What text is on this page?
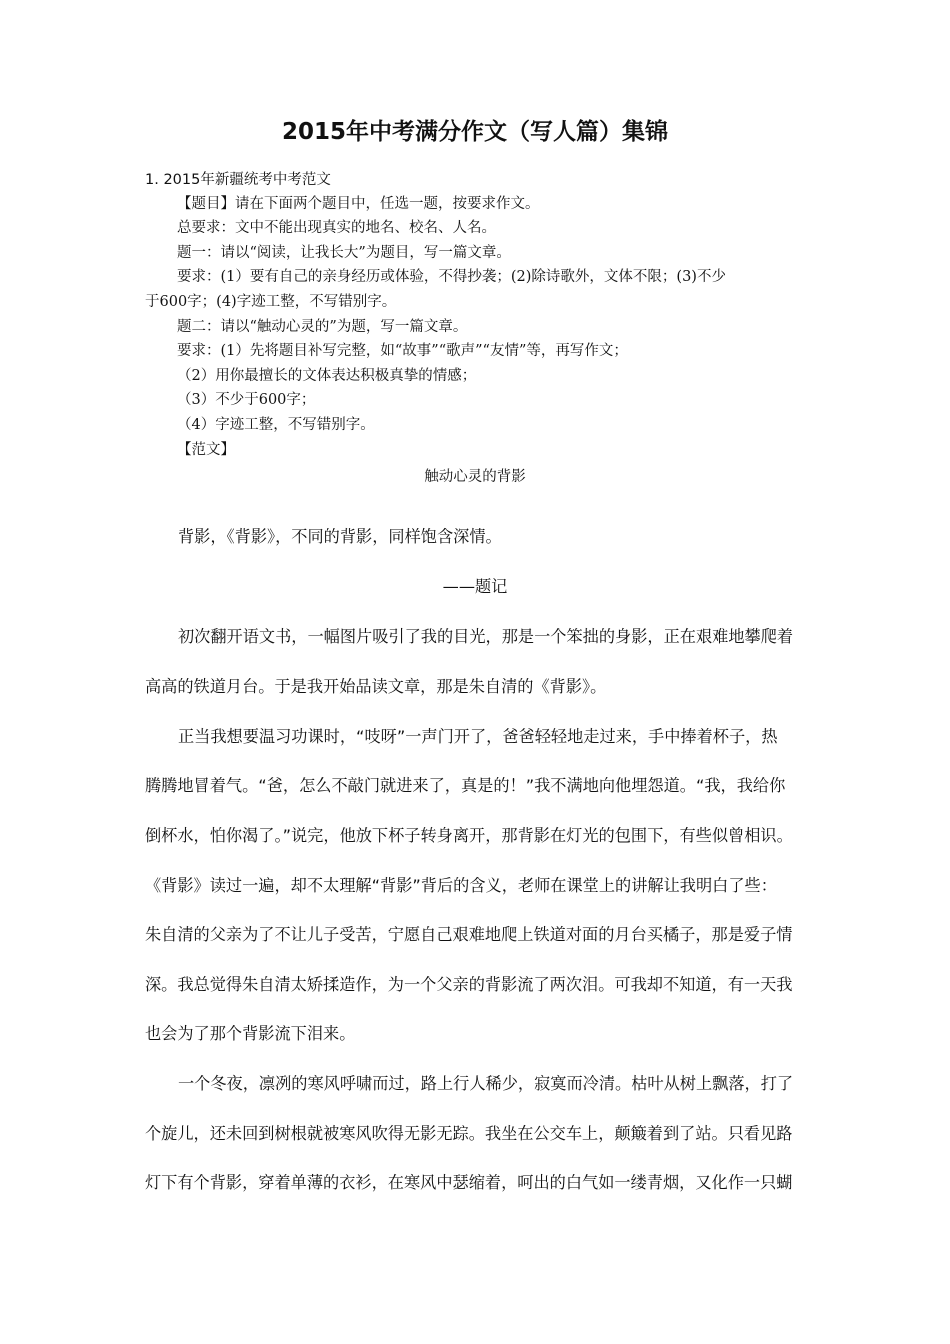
2015年中考满分作文（写人篇）集锦
1. 2015年新疆统考中考范文
【题目】请在下面两个题目中，任选一题，按要求作文。
总要求：文中不能出现真实的地名、校名、人名。
题一：请以“阅读，让我长大”为题目，写一篇文章。
要求：(1）要有自己的亲身经历或体验，不得抄袭；(2)除诗歌外，文体不限；(3)不少
于600字；(4)字迹工整，不写错别字。
题二：请以“触动心灵的”为题，写一篇文章。
要求：(1）先将题目补写完整，如“故事”“歌声”“友情”等，再写作文；
（2）用你最擅长的文体表达积极真挚的情感；
（3）不少于600字；
（4）字迹工整，不写错别字。
【范文】
触动心灵的背影
背影，《背影》，不同的背影，同样饱含深情。
——题记
初次翻开语文书，一幅图片吸引了我的目光，那是一个笨拙的身影，正在艰难地攀爬着
高高的铁道月台。于是我开始品读文章，那是朱自清的《背影》。
正当我想要温习功课时，“吱呀”一声门开了，爸爸轻轻地走过来，手中捧着杯子，热
腾腾地冒着气。“爸，怎么不敲门就进来了，真是的！”我不满地向他埋怨道。“我，我给你
倒杯水，怕你渴了。”说完，他放下杯子转身离开，那背影在灯光的包围下，有些似曾相识。
《背影》读过一遍，却不太理解“背影”背后的含义，老师在课堂上的讲解让我明白了些：
朱自清的父亲为了不让儿子受苦，宁愿自己艰难地爬上铁道对面的月台买橘子，那是爱子情
深。我总觉得朱自清太矫揉造作，为一个父亲的背影流了两次泪。可我却不知道，有一天我
也会为了那个背影流下泪来。
一个冬夜，凛冽的寒风呼啸而过，路上行人稀少，寂寞而冷清。枯叶从树上飘落，打了
个旋儿，还未回到树根就被寒风吹得无影无踪。我坐在公交车上，颠簸着到了站。只看见路
灯下有个背影，穿着单薄的衣衫，在寒风中瑟缩着，呵出的白气如一缕青烟，又化作一只蝴
